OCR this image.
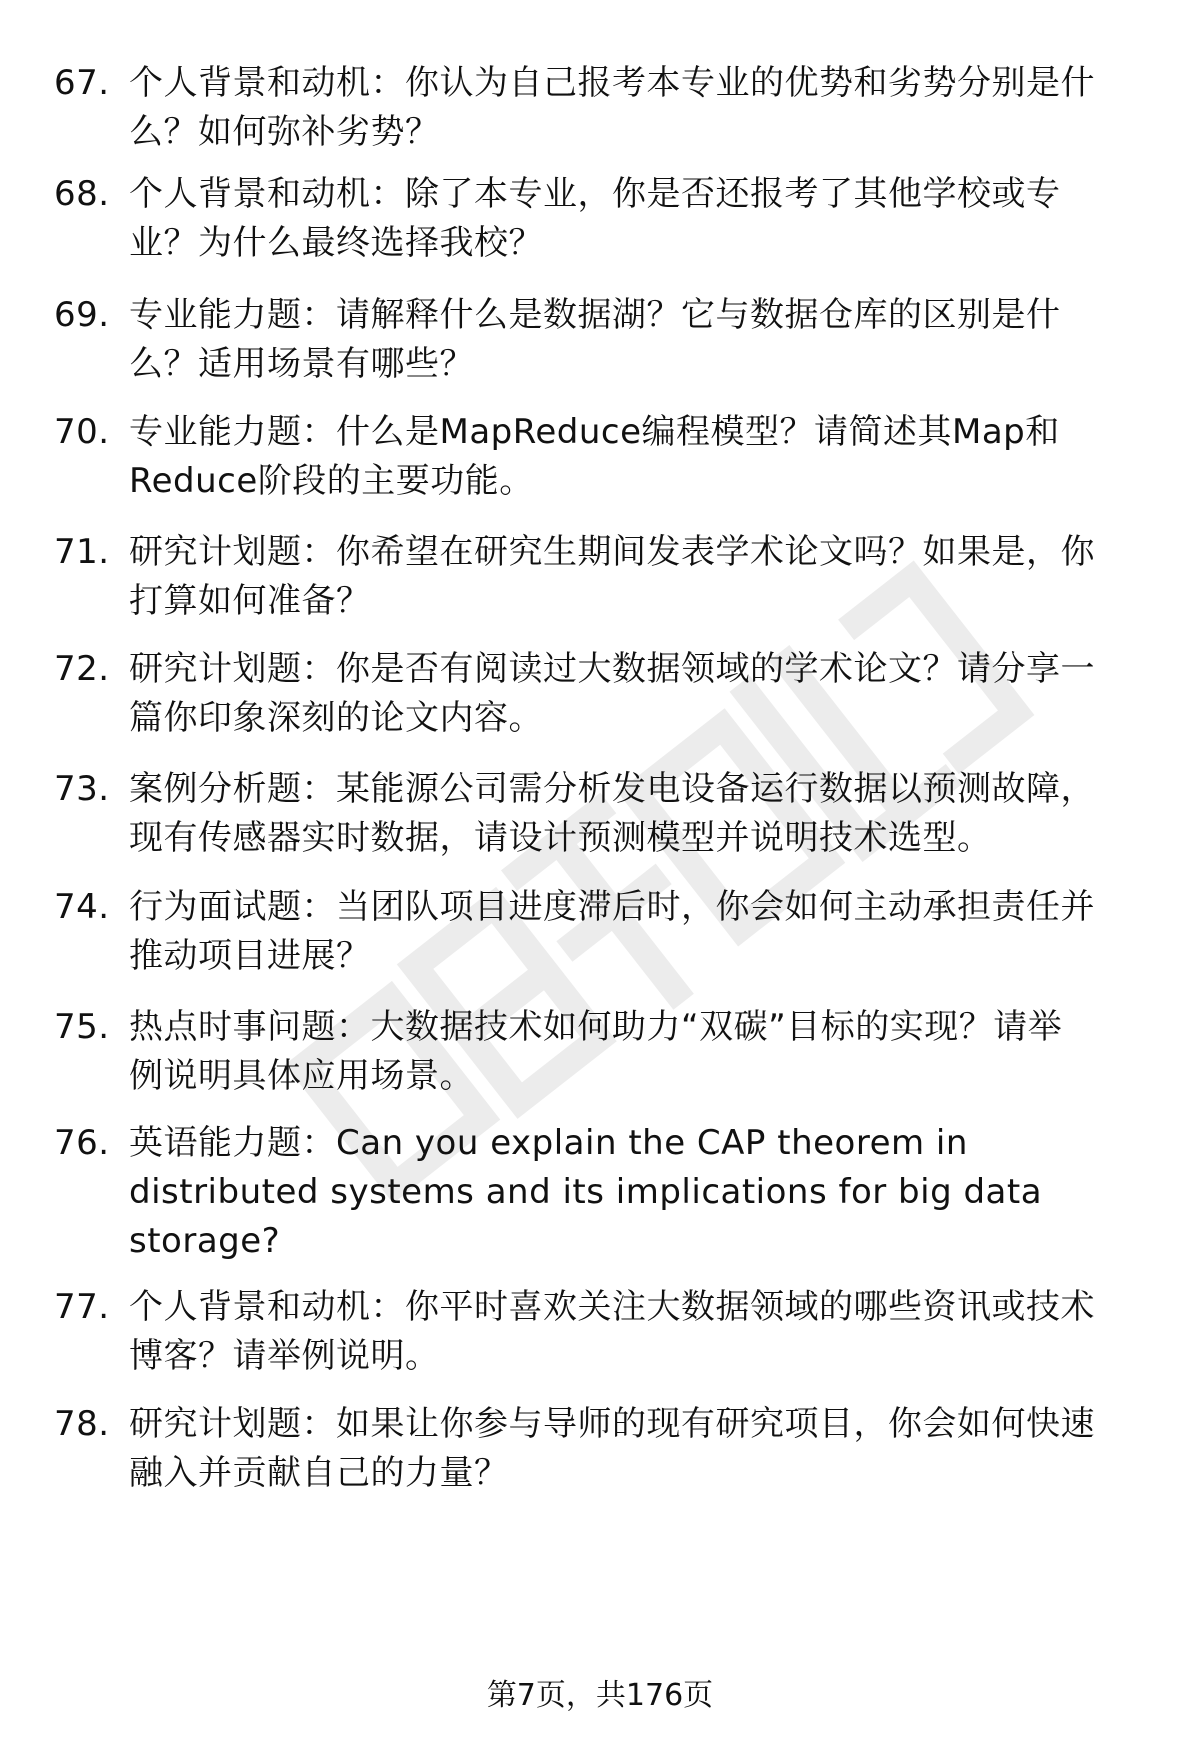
67. 个人背景和动机：你认为自己报考本专业的优势和劣势分别是什
么？如何弥补劣势？
68. 个人背景和动机：除了本专业，你是否还报考了其他学校或专
业？为什么最终选择我校？
69. 专业能力题：请解释什么是数据湖？它与数据仓库的区别是什
么？适用场景有哪些？
70. 专业能力题：什么是MapReduce编程模型？请简述其Map和
Reduce阶段的主要功能。
71. 研究计划题：你希望在研究生期间发表学术论文吗？如果是，你
打算如何准备？
72. 研究计划题：你是否有阅读过大数据领域的学术论文？请分享一
篇你印象深刻的论文内容。
73. 案例分析题：某能源公司需分析发电设备运行数据以预测故障，
现有传感器实时数据，请设计预测模型并说明技术选型。
74. 行为面试题：当团队项目进度滞后时，你会如何主动承担责任并
推动项目进展？
75. 热点时事问题：大数据技术如何助力“双碳”目标的实现？请举
例说明具体应用场景。
76. 英语能力题：Can you explain the CAP theorem in
distributed systems and its implications for big data
storage?
77. 个人背景和动机：你平时喜欢关注大数据领域的哪些资讯或技术
博客？请举例说明。
78. 研究计划题：如果让你参与导师的现有研究项目，你会如何快速
融入并贡献自己的力量？
第7页，共176页
